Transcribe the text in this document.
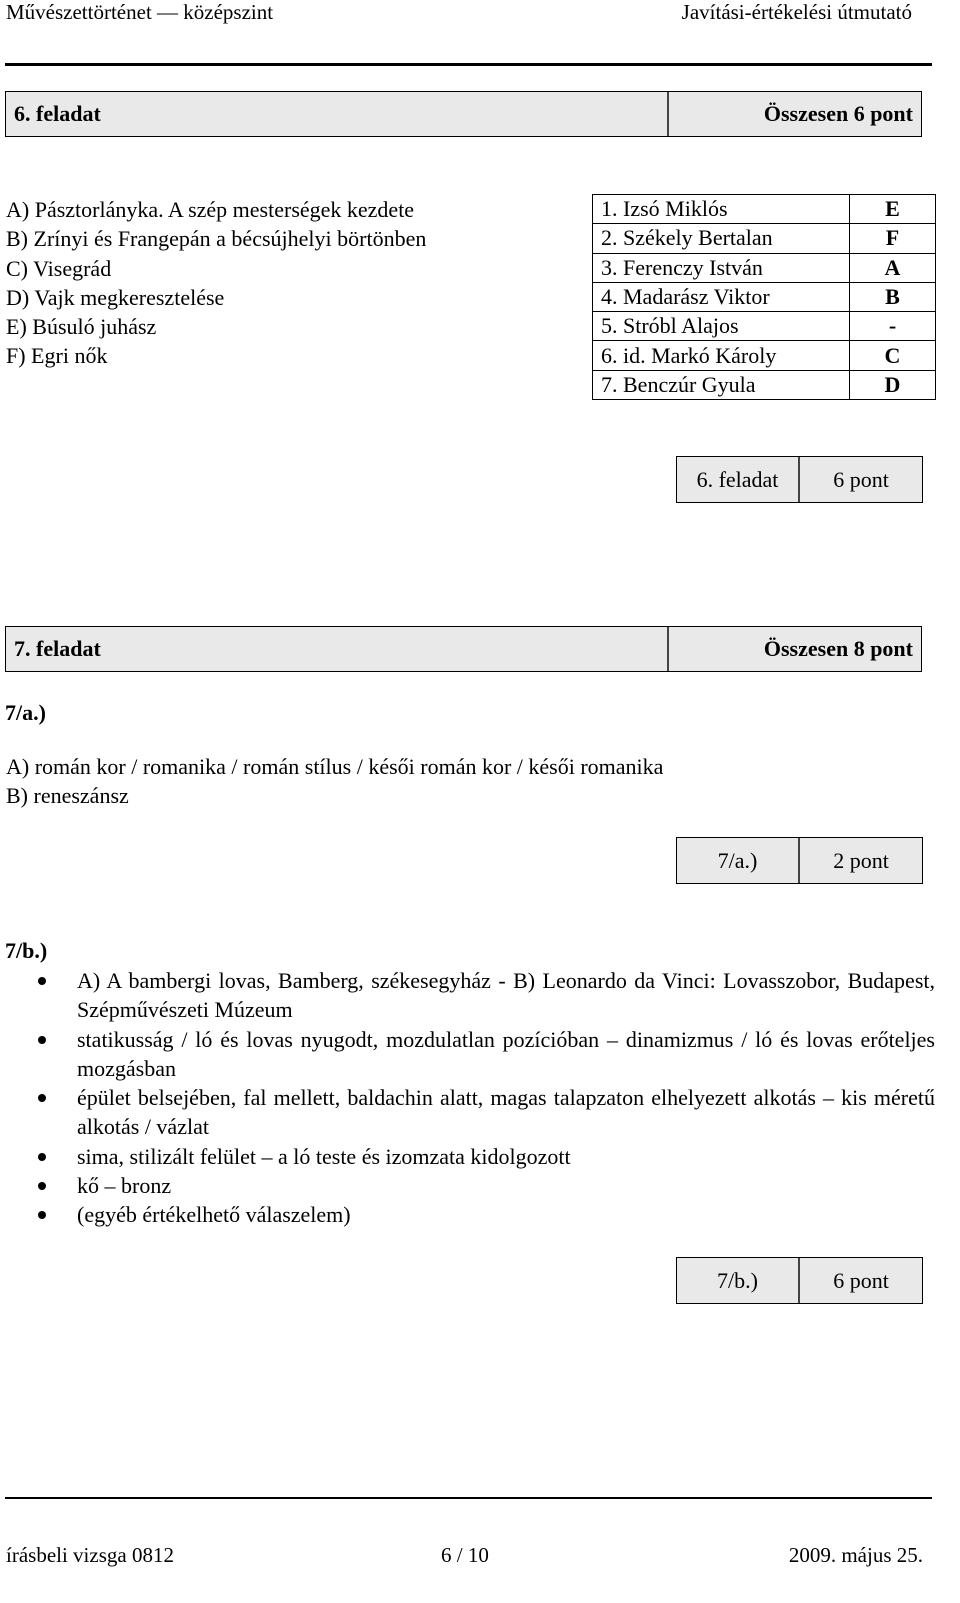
Művészettörténet — középszint	Javítási-értékelési útmutató
6. feladat	Összesen 6 pont
A) Pásztorlányka. A szép mesterségek kezdete
B) Zrínyi és Frangepán a bécsújhelyi börtönben
C) Visegrád
D) Vajk megkeresztelése
E) Búsuló juhász
F) Egri nők
1. Izsó Miklós	E
2. Székely Bertalan	F
3. Ferenczy István	A
4. Madarász Viktor	B
5. Stróbl Alajos	-
6. id. Markó Károly	C
7. Benczúr Gyula	D
6. feladat	6 pont
7. feladat	Összesen 8 pont
7/a.)
A) román kor / romanika / román stílus / késői román kor / késői romanika
B) reneszánsz
7/a.)	2 pont
7/b.)
A) A bambergi lovas, Bamberg, székesegyház - B) Leonardo da Vinci: Lovasszobor, Budapest, Szépművészeti Múzeum
statikusság / ló és lovas nyugodt, mozdulatlan pozícióban – dinamizmus / ló és lovas erőteljes mozgásban
épület belsejében, fal mellett, baldachin alatt, magas talapzaton elhelyezett alkotás – kis méretű alkotás / vázlat
sima, stilizált felület – a ló teste és izomzata kidolgozott
kő – bronz
(egyéb értékelhető válaszelem)
7/b.)	6 pont
írásbeli vizsga 0812	6 / 10	2009. május 25.
